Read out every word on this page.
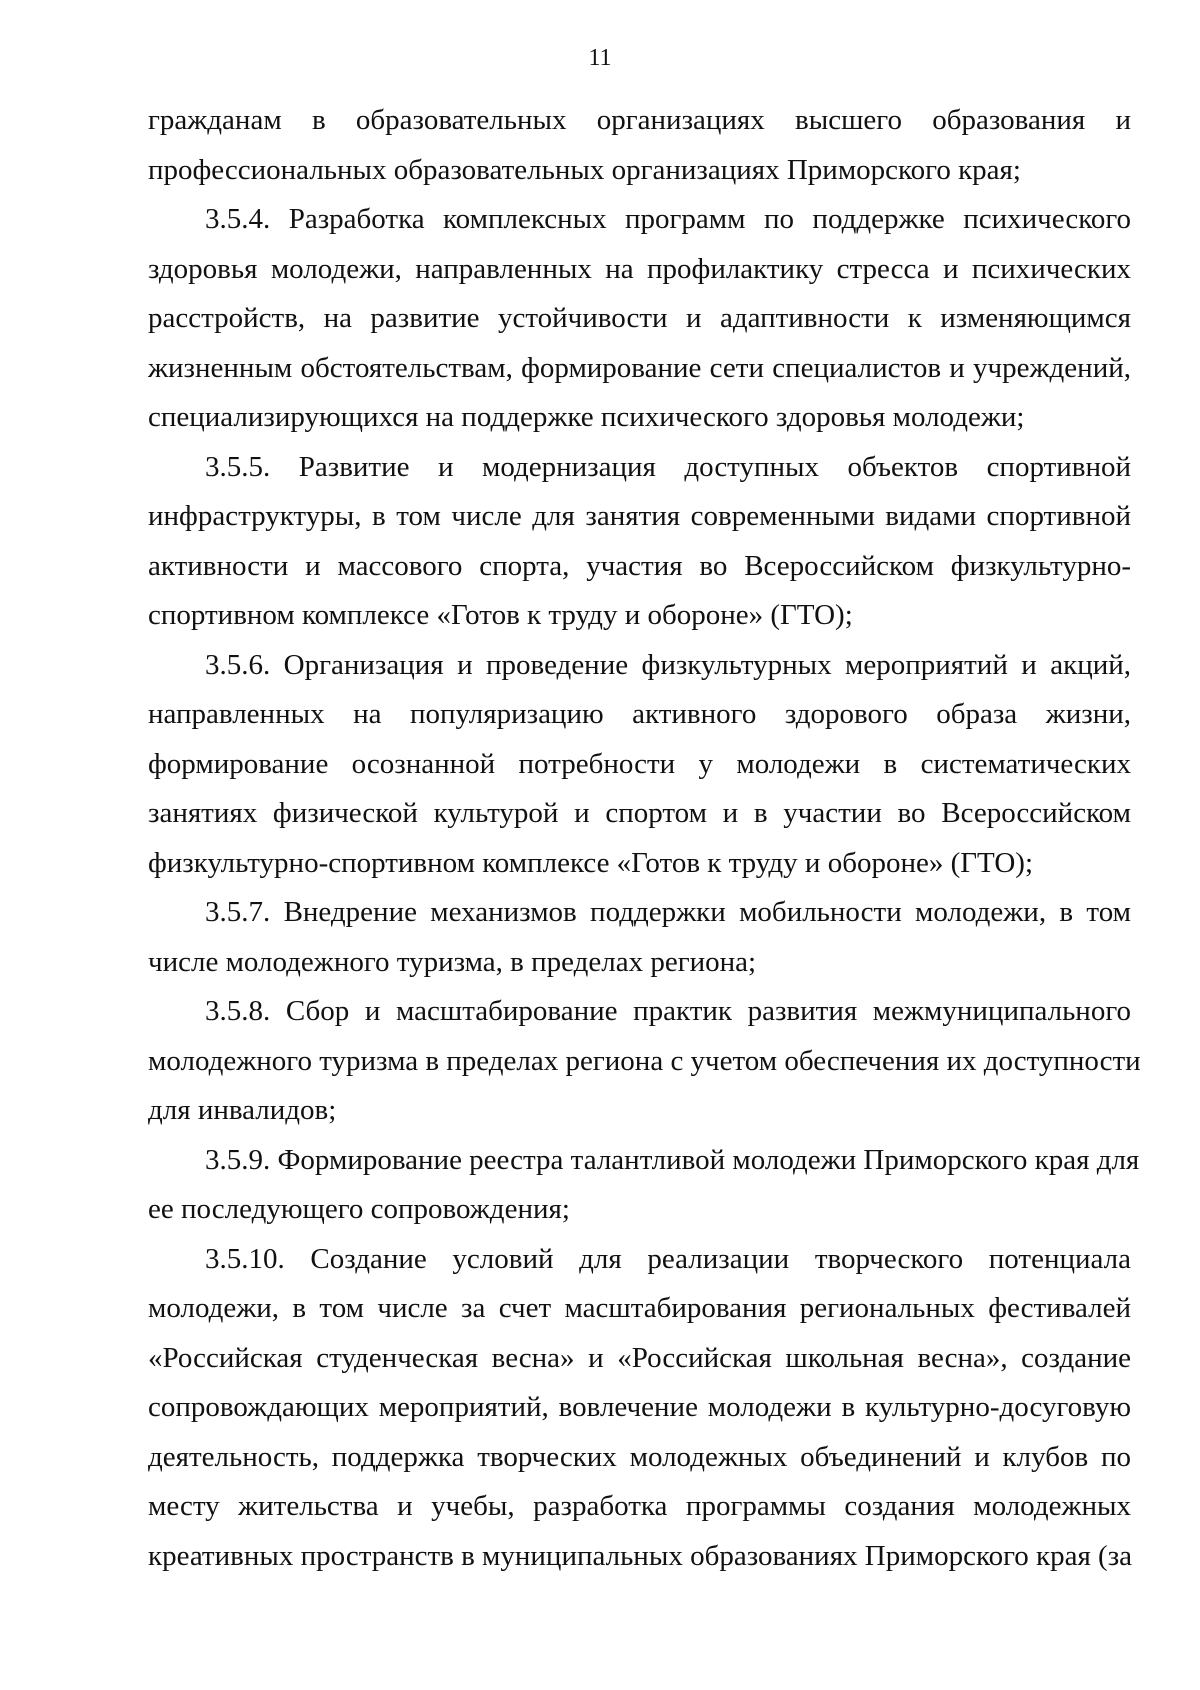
11
гражданам в образовательных организациях высшего образования и
профессиональных образовательных организациях Приморского края;
3.5.4. Разработка комплексных программ по поддержке психического
здоровья молодежи, направленных на профилактику стресса и психических
расстройств, на развитие устойчивости и адаптивности к изменяющимся
жизненным обстоятельствам, формирование сети специалистов и учреждений,
специализирующихся на поддержке психического здоровья молодежи;
3.5.5. Развитие и модернизация доступных объектов спортивной
инфраструктуры, в том числе для занятия современными видами спортивной
активности и массового спорта, участия во Всероссийском физкультурно-
спортивном комплексе «Готов к труду и обороне» (ГТО);
3.5.6. Организация и проведение физкультурных мероприятий и акций,
направленных на популяризацию активного здорового образа жизни,
формирование осознанной потребности у молодежи в систематических
занятиях физической культурой и спортом и в участии во Всероссийском
физкультурно-спортивном комплексе «Готов к труду и обороне» (ГТО);
3.5.7. Внедрение механизмов поддержки мобильности молодежи, в том
числе молодежного туризма, в пределах региона;
3.5.8. Сбор и масштабирование практик развития межмуниципального
молодежного туризма в пределах региона с учетом обеспечения их доступности
для инвалидов;
3.5.9. Формирование реестра талантливой молодежи Приморского края для
ее последующего сопровождения;
3.5.10. Создание условий для реализации творческого потенциала
молодежи, в том числе за счет масштабирования региональных фестивалей
«Российская студенческая весна» и «Российская школьная весна», создание
сопровождающих мероприятий, вовлечение молодежи в культурно-досуговую
деятельность, поддержка творческих молодежных объединений и клубов по
месту жительства и учебы, разработка программы создания молодежных
креативных пространств в муниципальных образованиях Приморского края (за
